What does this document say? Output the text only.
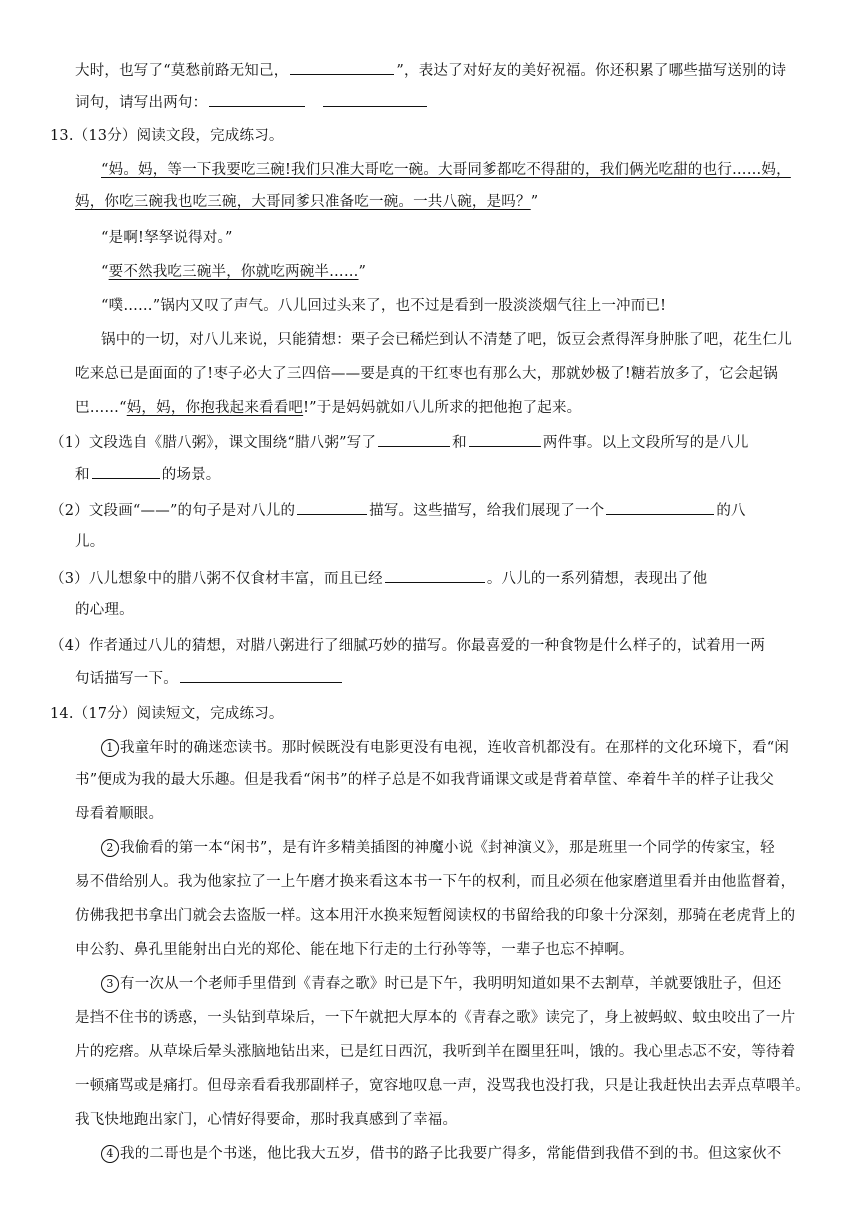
大时，也写了“莫愁前路无知己，	”，表达了对好友的美好祝福。你还积累了哪些描写送别的诗
词句，请写出两句：
13.（13分）阅读文段，完成练习。
“妈。妈，等一下我要吃三碗!我们只准大哥吃一碗。大哥同爹都吃不得甜的，我们俩光吃甜的也行……妈，
妈，你吃三碗我也吃三碗，大哥同爹只准备吃一碗。一共八碗，是吗？”
“是啊!孥孥说得对。”
“要不然我吃三碗半，你就吃两碗半……”
“噗……”锅内又叹了声气。八儿回过头来了，也不过是看到一股淡淡烟气往上一冲而已!
锅中的一切，对八儿来说，只能猜想：栗子会已稀烂到认不清楚了吧，饭豆会煮得浑身肿胀了吧，花生仁儿
吃来总已是面面的了!枣子必大了三四倍——要是真的干红枣也有那么大，那就妙极了!糖若放多了，它会起锅
巴……“妈，妈，你抱我起来看看吧!”于是妈妈就如八儿所求的把他抱了起来。
（1）文段选自《腊八粥》，课文围绕“腊八粥”写了	和	两件事。以上文段所写的是八儿
和	的场景。
（2）文段画“——”的句子是对八儿的	描写。这些描写，给我们展现了一个	的八
儿。
（3）八儿想象中的腊八粥不仅食材丰富，而且已经	。八儿的一系列猜想，表现出了他
的心理。
（4）作者通过八儿的猜想，对腊八粥进行了细腻巧妙的描写。你最喜爱的一种食物是什么样子的，试着用一两
句话描写一下。
14.（17分）阅读短文，完成练习。
1 我童年时的确迷恋读书。那时候既没有电影更没有电视，连收音机都没有。在那样的文化环境下，看“闲
书”便成为我的最大乐趣。但是我看“闲书”的样子总是不如我背诵课文或是背着草筐、牵着牛羊的样子让我父
母看着顺眼。
2 我偷看的第一本“闲书”，是有许多精美插图的神魔小说《封神演义》，那是班里一个同学的传家宝，轻
易不借给别人。我为他家拉了一上午磨才换来看这本书一下午的权利，而且必须在他家磨道里看并由他监督着，
仿佛我把书拿出门就会去盗版一样。这本用汗水换来短暂阅读权的书留给我的印象十分深刻，那骑在老虎背上的
申公豹、鼻孔里能射出白光的郑伦、能在地下行走的土行孙等等，一辈子也忘不掉啊。
3 有一次从一个老师手里借到《青春之歌》时已是下午，我明明知道如果不去割草，羊就要饿肚子，但还
是挡不住书的诱惑，一头钻到草垛后，一下午就把大厚本的《青春之歌》读完了，身上被蚂蚁、蚊虫咬出了一片
片的疙瘩。从草垛后晕头涨脑地钻出来，已是红日西沉，我听到羊在圈里狂叫，饿的。我心里忐忑不安，等待着
一顿痛骂或是痛打。但母亲看看我那副样子，宽容地叹息一声，没骂我也没打我，只是让我赶快出去弄点草喂羊。
我飞快地跑出家门，心情好得要命，那时我真感到了幸福。
4 我的二哥也是个书迷，他比我大五岁，借书的路子比我要广得多，常能借到我借不到的书。但这家伙不
